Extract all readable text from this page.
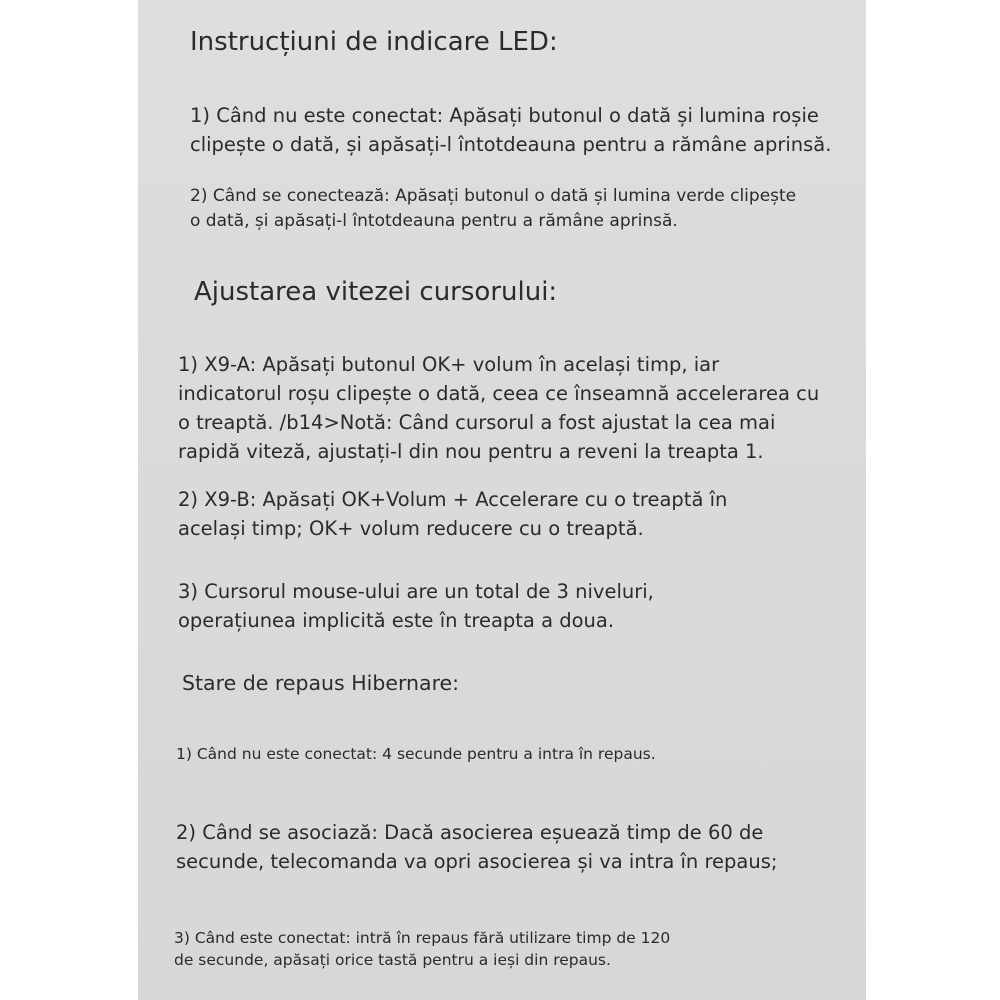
Instrucțiuni de indicare LED:

1) Când nu este conectat: Apăsați butonul o dată și lumina roșie
clipește o dată, și apăsați-l întotdeauna pentru a rămâne aprinsă.

2) Când se conectează: Apăsați butonul o dată și lumina verde clipește
o dată, și apăsați-l întotdeauna pentru a rămâne aprinsă.

Ajustarea vitezei cursorului:

1) X9-A: Apăsați butonul OK+ volum în același timp, iar
indicatorul roșu clipește o dată, ceea ce înseamnă accelerarea cu
o treaptă. /b14>Notă: Când cursorul a fost ajustat la cea mai
rapidă viteză, ajustați-l din nou pentru a reveni la treapta 1.

2) X9-B: Apăsați OK+Volum + Accelerare cu o treaptă în
același timp; OK+ volum reducere cu o treaptă.

3) Cursorul mouse-ului are un total de 3 niveluri,
operațiunea implicită este în treapta a doua.

Stare de repaus Hibernare:

1) Când nu este conectat: 4 secunde pentru a intra în repaus.

2) Când se asociază: Dacă asocierea eșuează timp de 60 de
secunde, telecomanda va opri asocierea și va intra în repaus;

3) Când este conectat: intră în repaus fără utilizare timp de 120
de secunde, apăsați orice tastă pentru a ieși din repaus.
